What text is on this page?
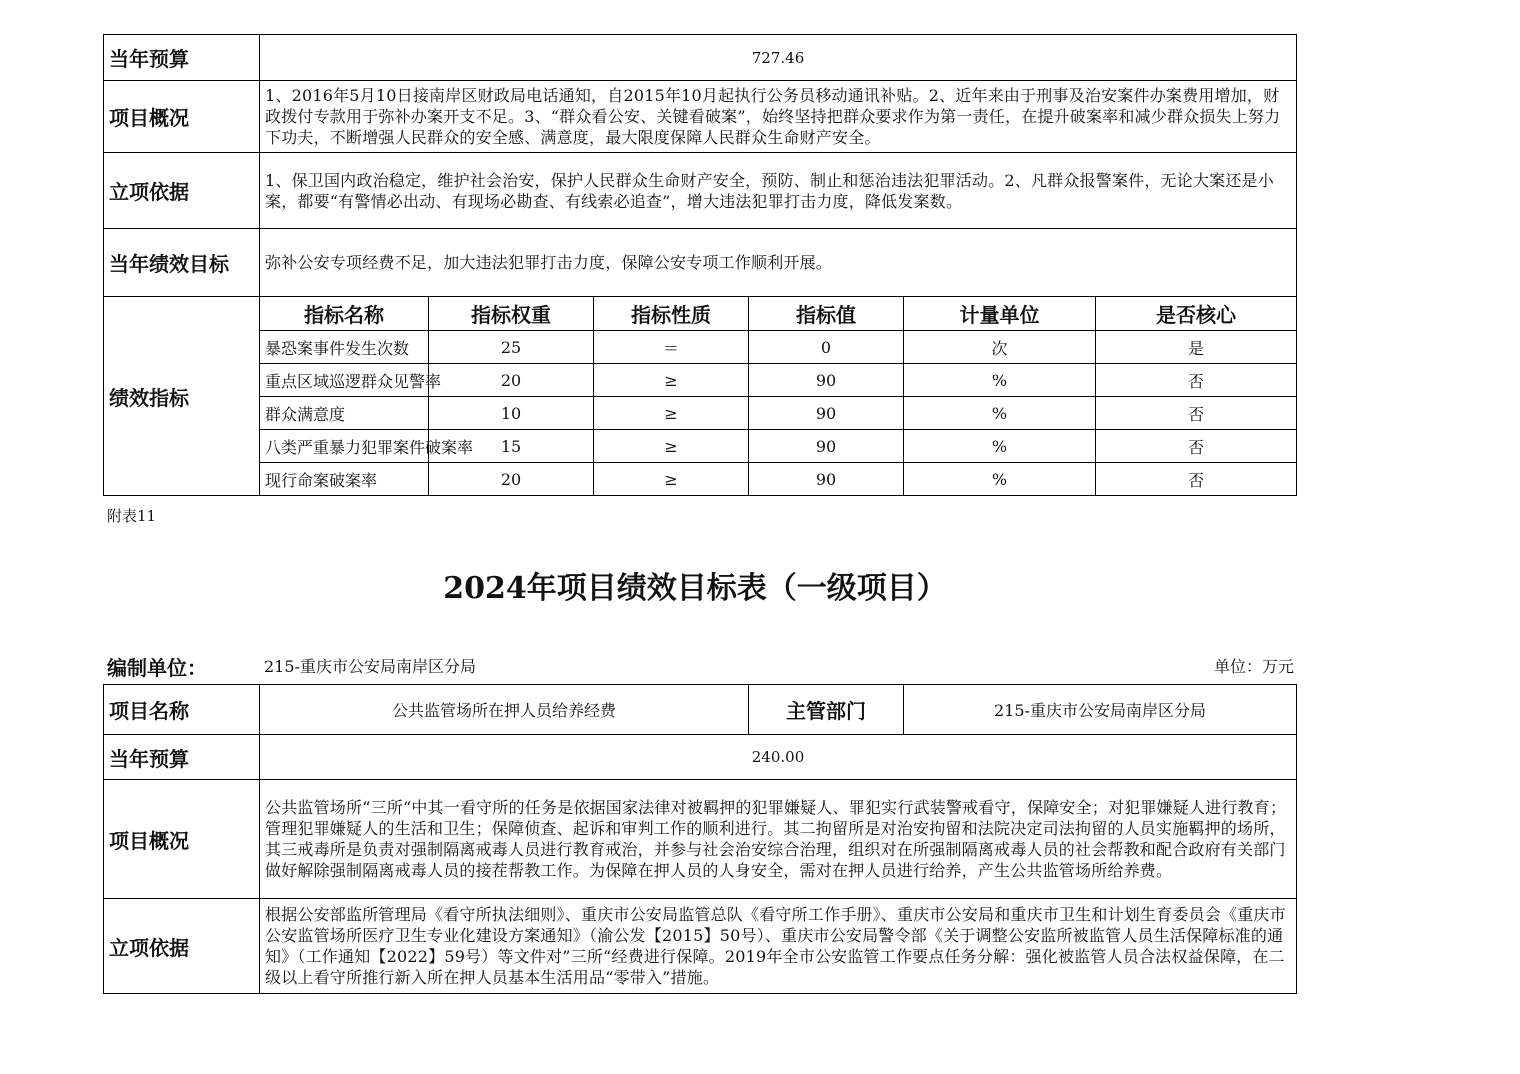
当年预算	727.46					
项目概况	1、2016年5月10日接南岸区财政局电话通知，自2015年10月起执行公务员移动通讯补贴。2、近年来由于刑事及治安案件办案费用增加，财政拨付专款用于弥补办案开支不足。3、“群众看公安、关键看破案”，始终坚持把群众要求作为第一责任，在提升破案率和减少群众损失上努力下功夫，不断增强人民群众的安全感、满意度，最大限度保障人民群众生命财产安全。					
立项依据	1、保卫国内政治稳定，维护社会治安，保护人民群众生命财产安全，预防、制止和惩治违法犯罪活动。2、凡群众报警案件，无论大案还是小案，都要“有警情必出动、有现场必勘查、有线索必追查”，增大违法犯罪打击力度，降低发案数。					
当年绩效目标	弥补公安专项经费不足，加大违法犯罪打击力度，保障公安专项工作顺利开展。					
绩效指标	指标名称	指标权重	指标性质	指标值	计量单位	是否核心
	暴恐案事件发生次数	25	＝	0	次	是
	重点区域巡逻群众见警率	20	≥	90	%	否
	群众满意度	10	≥	90	%	否
	八类严重暴力犯罪案件破案率	15	≥	90	%	否
	现行命案破案率	20	≥	90	%	否
附表11
2024年项目绩效目标表（一级项目）
编制单位：	215-重庆市公安局南岸区分局	单位：万元
项目名称	公共监管场所在押人员给养经费	主管部门	215-重庆市公安局南岸区分局
当年预算	240.00		
项目概况	公共监管场所“三所“中其一看守所的任务是依据国家法律对被羁押的犯罪嫌疑人、罪犯实行武装警戒看守，保障安全；对犯罪嫌疑人进行教育；管理犯罪嫌疑人的生活和卫生；保障侦查、起诉和审判工作的顺利进行。其二拘留所是对治安拘留和法院决定司法拘留的人员实施羁押的场所，其三戒毒所是负责对强制隔离戒毒人员进行教育戒治，并参与社会治安综合治理，组织对在所强制隔离戒毒人员的社会帮教和配合政府有关部门做好解除强制隔离戒毒人员的接茬帮教工作。为保障在押人员的人身安全，需对在押人员进行给养，产生公共监管场所给养费。		
立项依据	根据公安部监所管理局《看守所执法细则》、重庆市公安局监管总队《看守所工作手册》、重庆市公安局和重庆市卫生和计划生育委员会《重庆市公安监管场所医疗卫生专业化建设方案通知》（渝公发【2015】50号）、重庆市公安局警令部《关于调整公安监所被监管人员生活保障标准的通知》（工作通知【2022】59号）等文件对”三所“经费进行保障。2019年全市公安监管工作要点任务分解：强化被监管人员合法权益保障，在二级以上看守所推行新入所在押人员基本生活用品“零带入”措施。		
